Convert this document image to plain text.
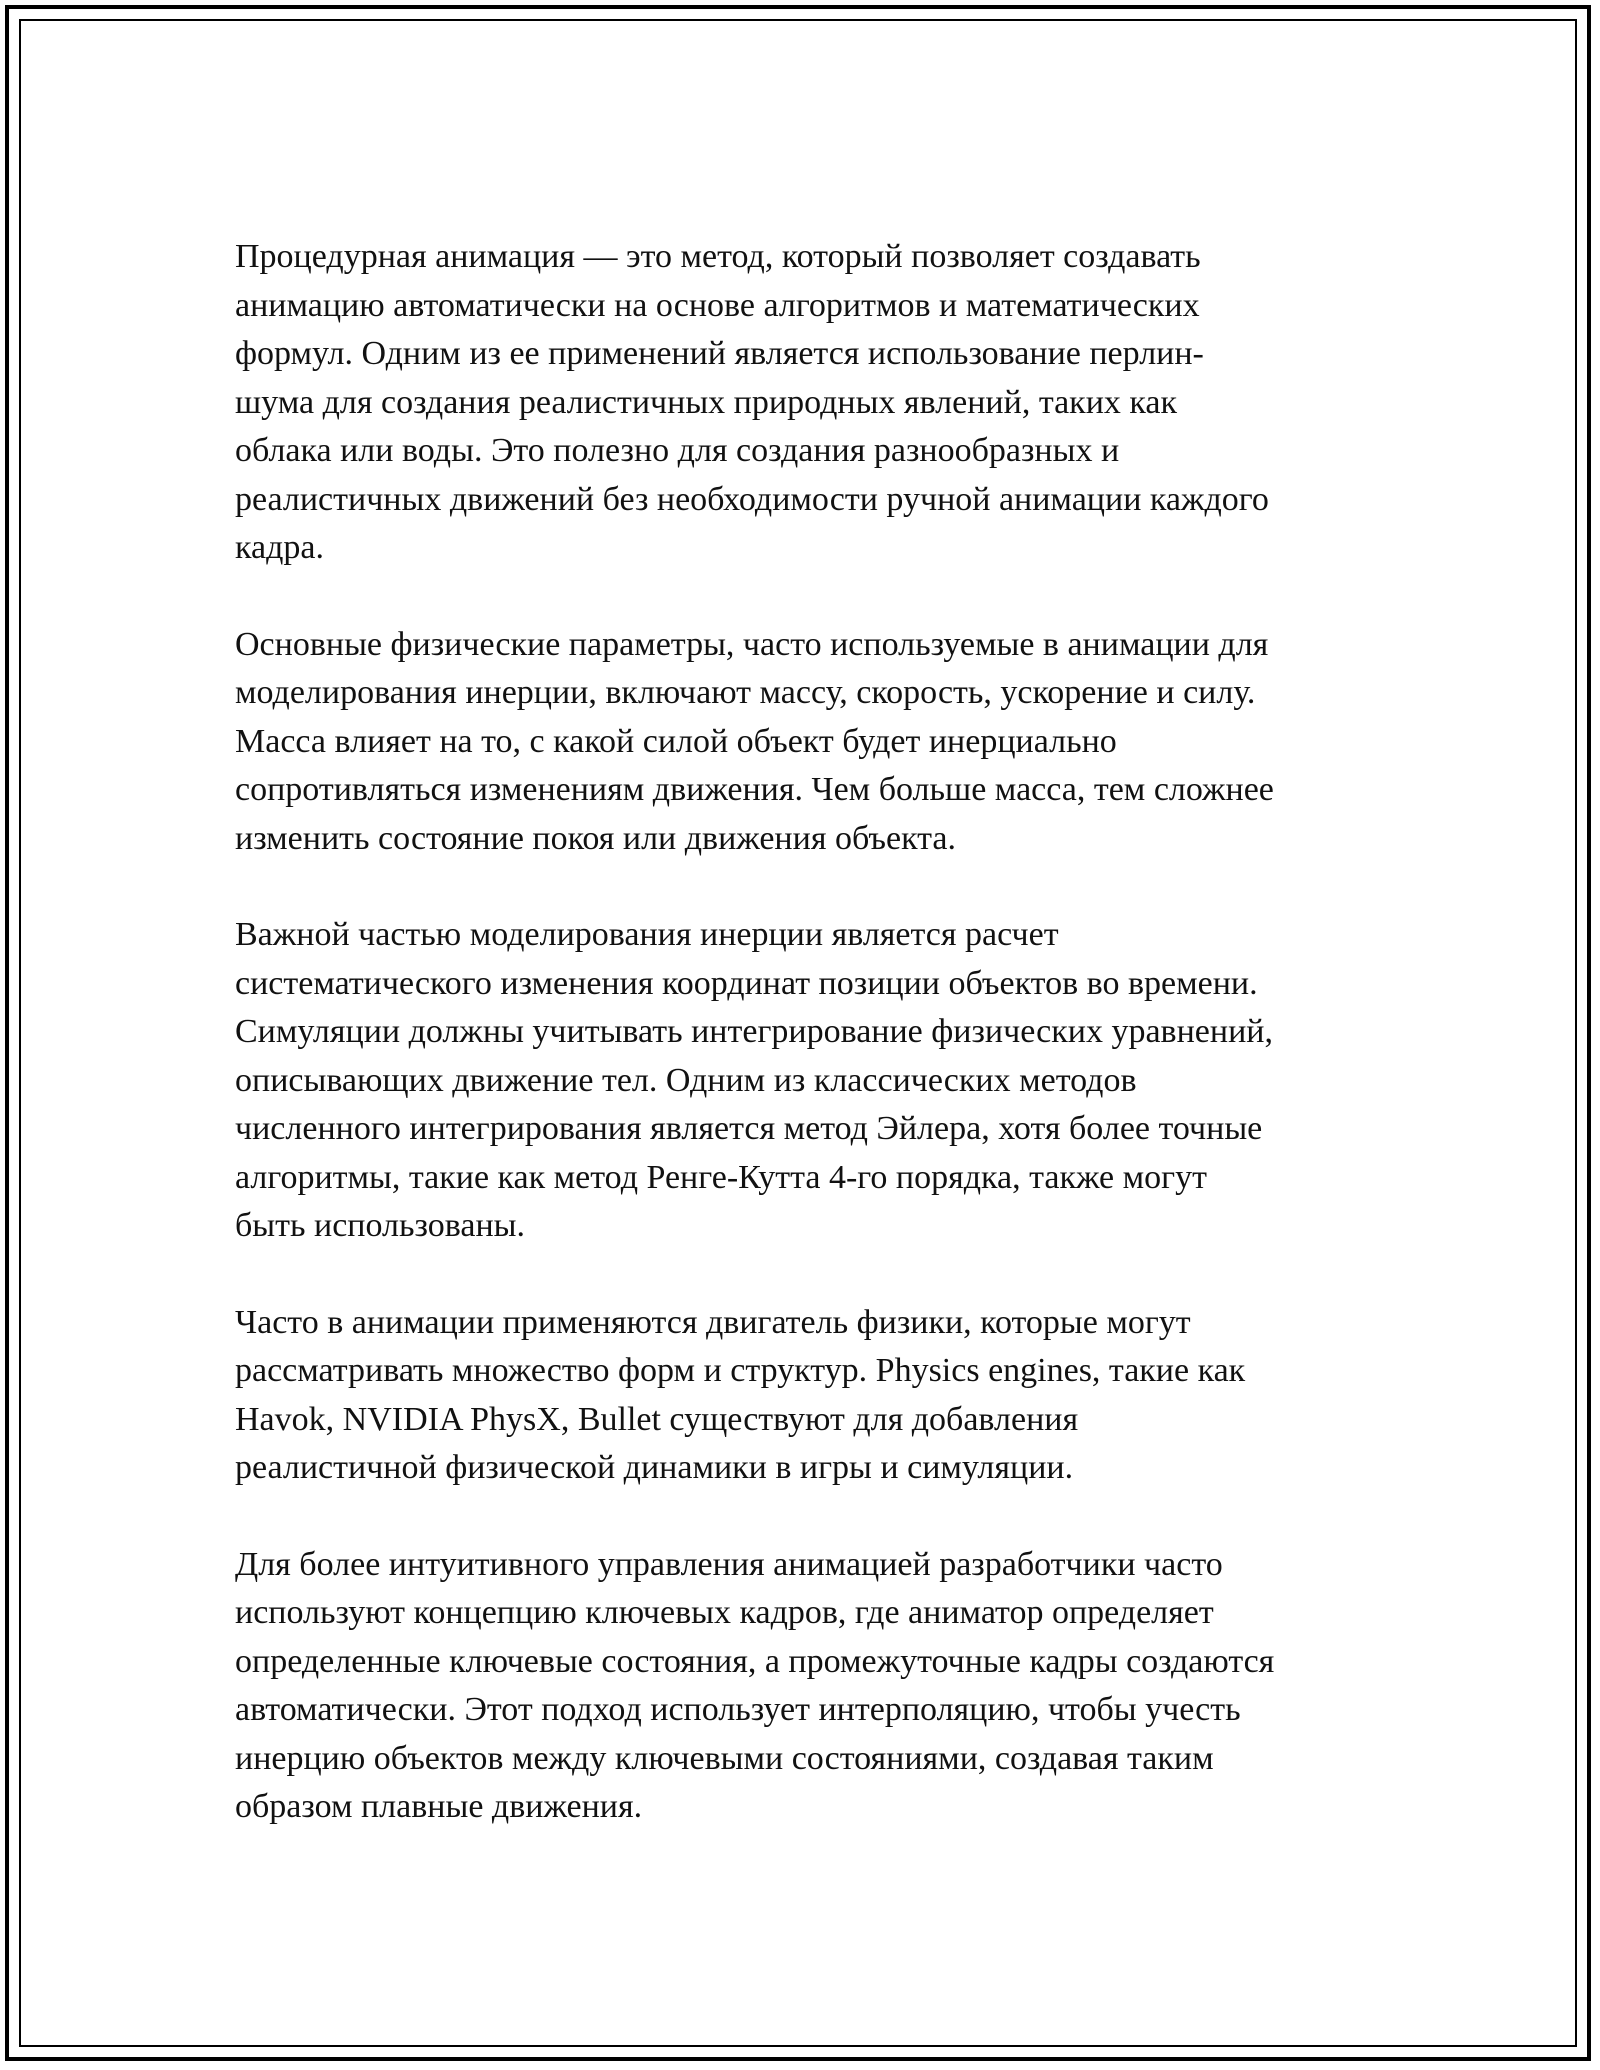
Процедурная анимация — это метод, который позволяет создавать
анимацию автоматически на основе алгоритмов и математических
формул. Одним из ее применений является использование перлин-
шума для создания реалистичных природных явлений, таких как
облака или воды. Это полезно для создания разнообразных и
реалистичных движений без необходимости ручной анимации каждого
кадра.

Основные физические параметры, часто используемые в анимации для
моделирования инерции, включают массу, скорость, ускорение и силу.
Масса влияет на то, с какой силой объект будет инерциально
сопротивляться изменениям движения. Чем больше масса, тем сложнее
изменить состояние покоя или движения объекта.

Важной частью моделирования инерции является расчет
систематического изменения координат позиции объектов во времени.
Симуляции должны учитывать интегрирование физических уравнений,
описывающих движение тел. Одним из классических методов
численного интегрирования является метод Эйлера, хотя более точные
алгоритмы, такие как метод Ренге-Кутта 4-го порядка, также могут
быть использованы.

Часто в анимации применяются двигатель физики, которые могут
рассматривать множество форм и структур. Physics engines, такие как
Havok, NVIDIA PhysX, Bullet существуют для добавления
реалистичной физической динамики в игры и симуляции.

Для более интуитивного управления анимацией разработчики часто
используют концепцию ключевых кадров, где аниматор определяет
определенные ключевые состояния, а промежуточные кадры создаются
автоматически. Этот подход использует интерполяцию, чтобы учесть
инерцию объектов между ключевыми состояниями, создавая таким
образом плавные движения.
